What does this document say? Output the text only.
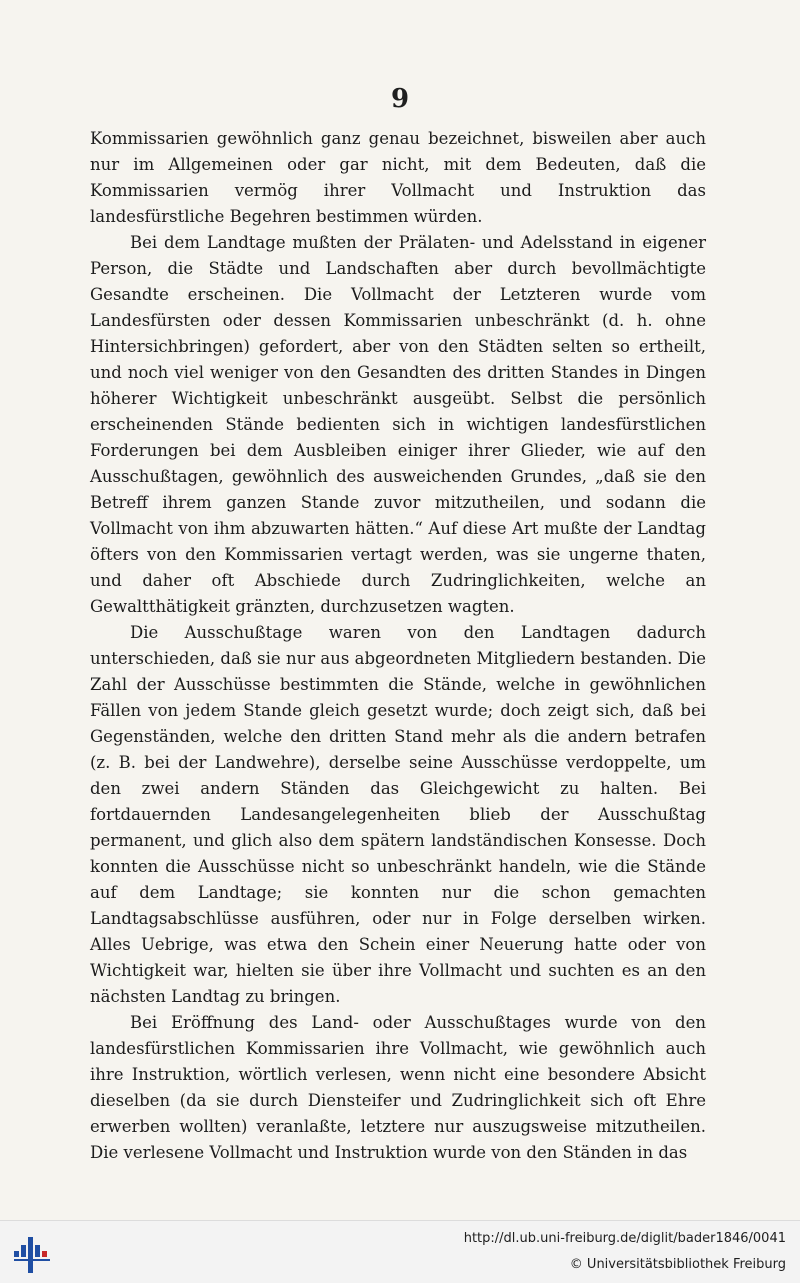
9

Kommissarien gewöhnlich ganz genau bezeichnet, bisweilen aber auch nur im Allgemeinen oder gar nicht, mit dem Bedeuten, daß die Kommissarien vermög ihrer Vollmacht und Instruktion das landesfürstliche Begehren bestimmen würden.

Bei dem Landtage mußten der Prälaten- und Adelsstand in eigener Person, die Städte und Landschaften aber durch bevollmächtigte Gesandte erscheinen. Die Vollmacht der Letzteren wurde vom Landesfürsten oder dessen Kommissarien unbeschränkt (d. h. ohne Hintersichbringen) gefordert, aber von den Städten selten so ertheilt, und noch viel weniger von den Gesandten des dritten Standes in Dingen höherer Wichtigkeit unbeschränkt ausgeübt. Selbst die persönlich erscheinenden Stände bedienten sich in wichtigen landesfürstlichen Forderungen bei dem Ausbleiben einiger ihrer Glieder, wie auf den Ausschußtagen, gewöhnlich des ausweichenden Grundes, „daß sie den Betreff ihrem ganzen Stande zuvor mitzutheilen, und sodann die Vollmacht von ihm abzuwarten hätten.“ Auf diese Art mußte der Landtag öfters von den Kommissarien vertagt werden, was sie ungerne thaten, und daher oft Abschiede durch Zudringlichkeiten, welche an Gewaltthätigkeit gränzten, durchzusetzen wagten.

Die Ausschußtage waren von den Landtagen dadurch unterschieden, daß sie nur aus abgeordneten Mitgliedern bestanden. Die Zahl der Ausschüsse bestimmten die Stände, welche in gewöhnlichen Fällen von jedem Stande gleich gesetzt wurde; doch zeigt sich, daß bei Gegenständen, welche den dritten Stand mehr als die andern betrafen (z. B. bei der Landwehre), derselbe seine Ausschüsse verdoppelte, um den zwei andern Ständen das Gleichgewicht zu halten. Bei fortdauernden Landesangelegenheiten blieb der Ausschußtag permanent, und glich also dem spätern landständischen Konsesse. Doch konnten die Ausschüsse nicht so unbeschränkt handeln, wie die Stände auf dem Landtage; sie konnten nur die schon gemachten Landtagsabschlüsse ausführen, oder nur in Folge derselben wirken. Alles Uebrige, was etwa den Schein einer Neuerung hatte oder von Wichtigkeit war, hielten sie über ihre Vollmacht und suchten es an den nächsten Landtag zu bringen.

Bei Eröffnung des Land- oder Ausschußtages wurde von den landesfürstlichen Kommissarien ihre Vollmacht, wie gewöhnlich auch ihre Instruktion, wörtlich verlesen, wenn nicht eine besondere Absicht dieselben (da sie durch Diensteifer und Zudringlichkeit sich oft Ehre erwerben wollten) veranlaßte, letztere nur auszugsweise mitzutheilen. Die verlesene Vollmacht und Instruktion wurde von den Ständen in das

http://dl.ub.uni-freiburg.de/diglit/bader1846/0041
© Universitätsbibliothek Freiburg
